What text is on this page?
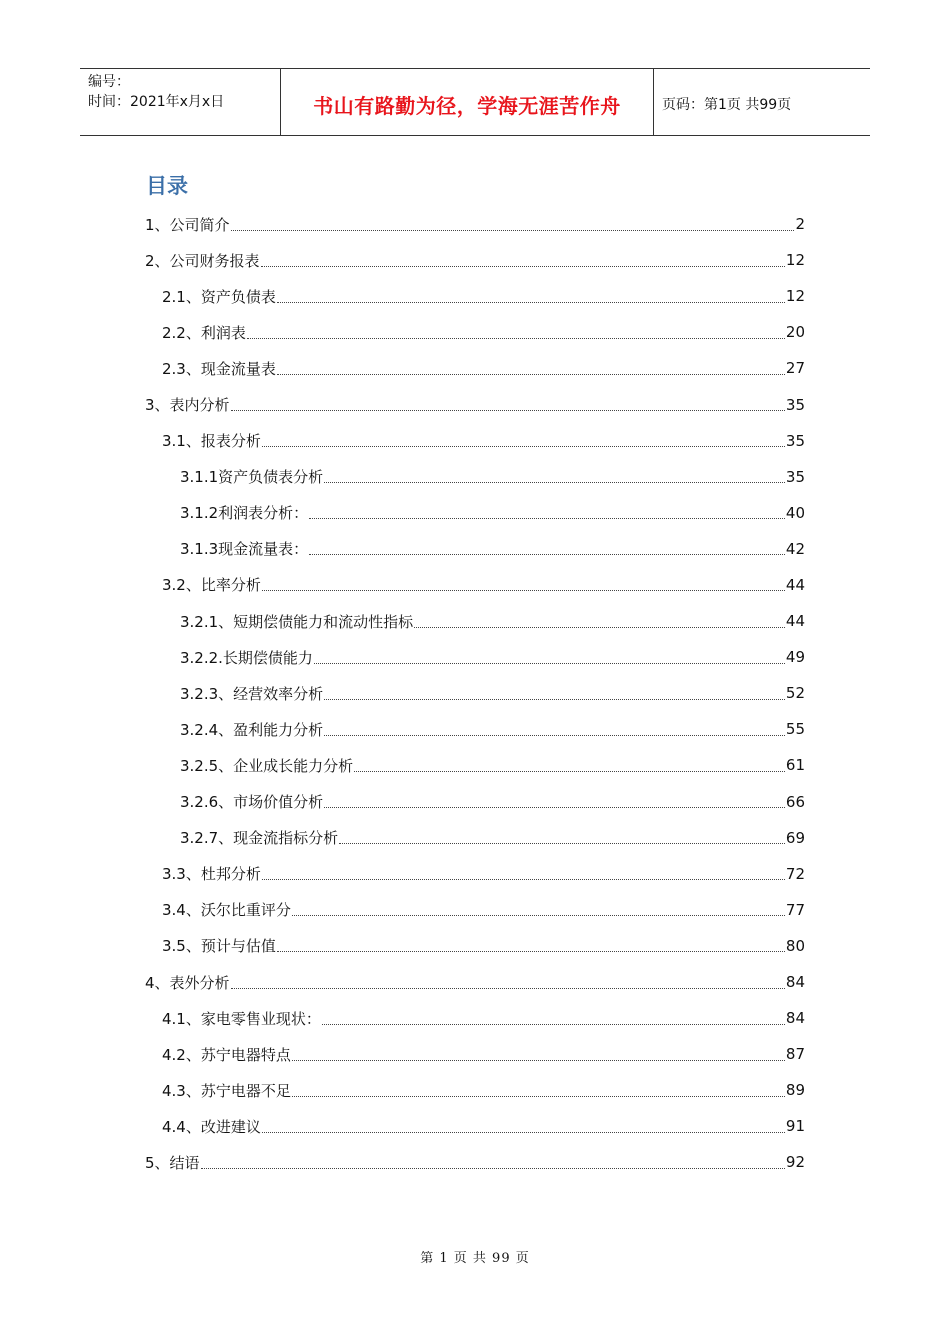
编号：
时间：2021年x月x日	书山有路勤为径，学海无涯苦作舟	页码：第1页 共99页
目录
1、公司简介	2
2、公司财务报表	12
2.1、资产负债表	12
2.2、利润表	20
2.3、现金流量表	27
3、表内分析	35
3.1、报表分析	35
3.1.1资产负债表分析	35
3.1.2利润表分析：	40
3.1.3现金流量表：	42
3.2、比率分析	44
3.2.1、短期偿债能力和流动性指标	44
3.2.2.长期偿债能力	49
3.2.3、经营效率分析	52
3.2.4、盈利能力分析	55
3.2.5、企业成长能力分析	61
3.2.6、市场价值分析	66
3.2.7、现金流指标分析	69
3.3、杜邦分析	72
3.4、沃尔比重评分	77
3.5、预计与估值	80
4、表外分析	84
4.1、家电零售业现状：	84
4.2、苏宁电器特点	87
4.3、苏宁电器不足	89
4.4、改进建议	91
5、结语	92
第 1 页 共 99 页
